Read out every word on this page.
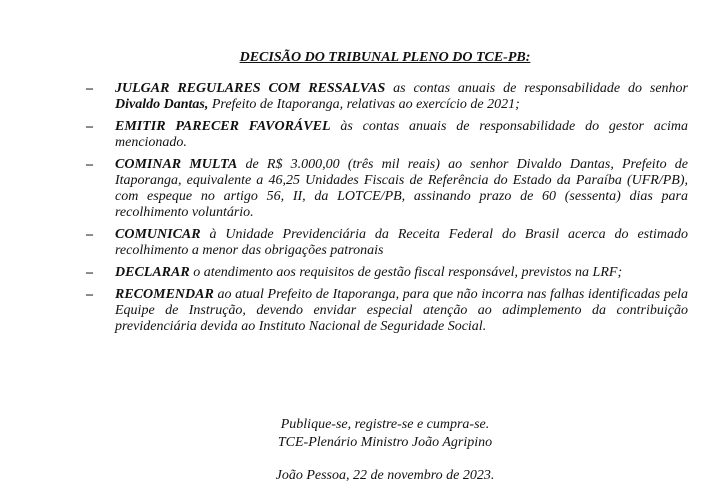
DECISÃO DO TRIBUNAL PLENO DO TCE-PB:
– JULGAR REGULARES COM RESSALVAS as contas anuais de responsabilidade do senhor Divaldo Dantas, Prefeito de Itaporanga, relativas ao exercício de 2021;
– EMITIR PARECER FAVORÁVEL às contas anuais de responsabilidade do gestor acima mencionado.
– COMINAR MULTA de R$ 3.000,00 (três mil reais) ao senhor Divaldo Dantas, Prefeito de Itaporanga, equivalente a 46,25 Unidades Fiscais de Referência do Estado da Paraíba (UFR/PB), com espeque no artigo 56, II, da LOTCE/PB, assinando prazo de 60 (sessenta) dias para recolhimento voluntário.
– COMUNICAR à Unidade Previdenciária da Receita Federal do Brasil acerca do estimado recolhimento a menor das obrigações patronais
– DECLARAR o atendimento aos requisitos de gestão fiscal responsável, previstos na LRF;
– RECOMENDAR ao atual Prefeito de Itaporanga, para que não incorra nas falhas identificadas pela Equipe de Instrução, devendo envidar especial atenção ao adimplemento da contribuição previdenciária devida ao Instituto Nacional de Seguridade Social.
Publique-se, registre-se e cumpra-se.
TCE-Plenário Ministro João Agripino
João Pessoa, 22 de novembro de 2023.
